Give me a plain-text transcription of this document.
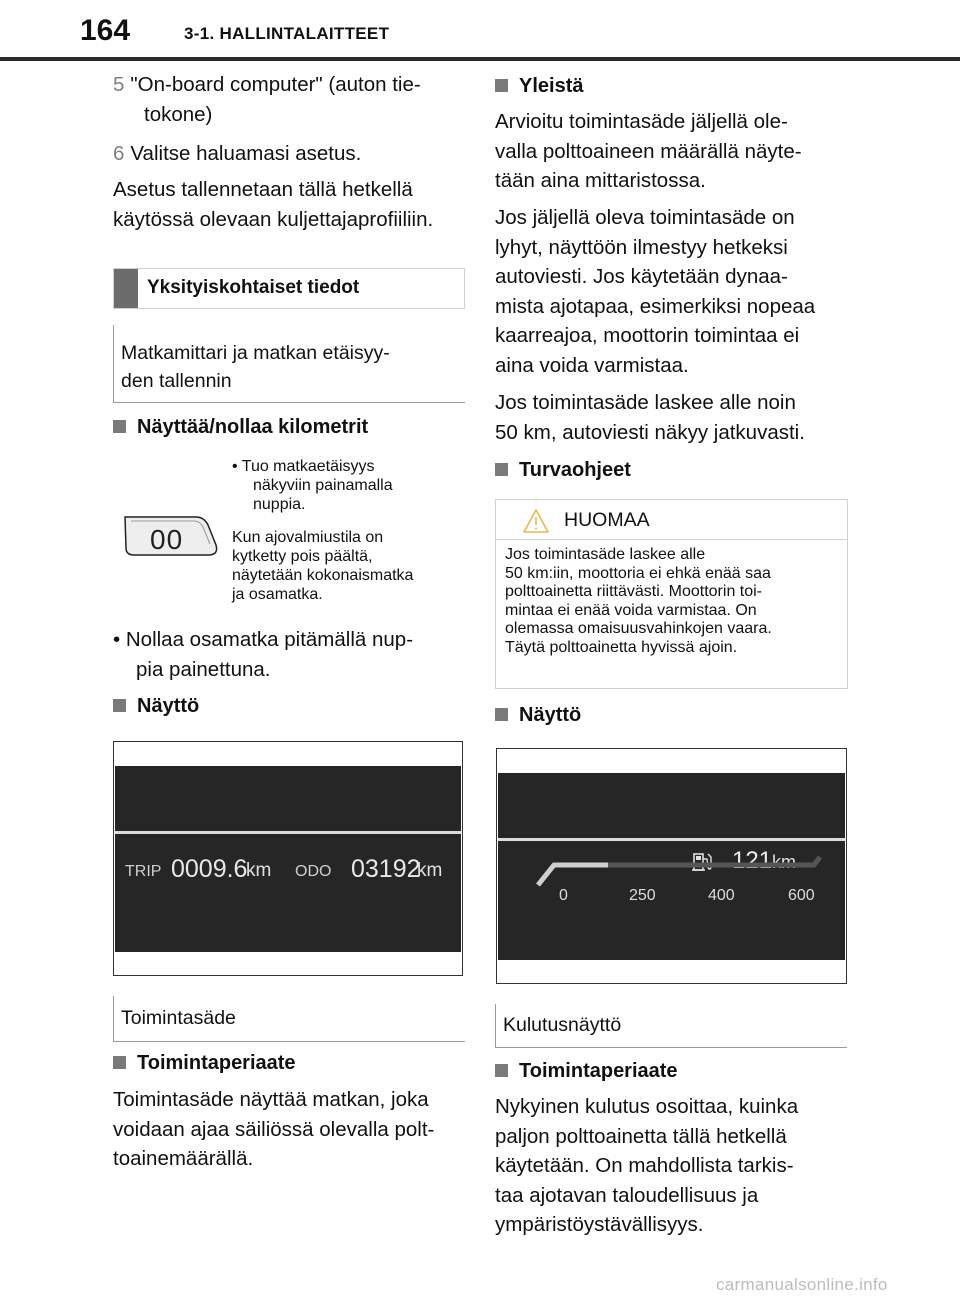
164	3-1. HALLINTALAITTEET
5 "On-board computer" (auton tie-
tokone)
6 Valitse haluamasi asetus.
Asetus tallennetaan tällä hetkellä
käytössä olevaan kuljettajaprofiiliin.
Yksityiskohtaiset tiedot
Matkamittari ja matkan etäisyy-
den tallennin
Näyttää/nollaa kilometrit
00
• Tuo matkaetäisyys
näkyviin painamalla
nuppia.
Kun ajovalmiustila on
kytketty pois päältä,
näytetään kokonaismatka
ja osamatka.
• Nollaa osamatka pitämällä nup-
pia painettuna.
Näyttö
TRIP 0009.6
km ODO 03192
km
Toimintasäde
Toimintaperiaate
Toimintasäde näyttää matkan, joka
voidaan ajaa säiliössä olevalla polt-
toainemäärällä.
Yleistä
Arvioitu toimintasäde jäljellä ole-
valla polttoaineen määrällä näyte-
tään aina mittaristossa.
Jos jäljellä oleva toimintasäde on
lyhyt, näyttöön ilmestyy hetkeksi
autoviesti. Jos käytetään dynaa-
mista ajotapaa, esimerkiksi nopeaa
kaarreajoa, moottorin toimintaa ei
aina voida varmistaa.
Jos toimintasäde laskee alle noin
50 km, autoviesti näkyy jatkuvasti.
Turvaohjeet
HUOMAA
Jos toimintasäde laskee alle
50 km:iin, moottoria ei ehkä enää saa
polttoainetta riittävästi. Moottorin toi-
mintaa ei enää voida varmistaa. On
olemassa omaisuusvahinkojen vaara.
Täytä polttoainetta hyvissä ajoin.
Näyttö
121 km
0	250	400	600
Kulutusnäyttö
Toimintaperiaate
Nykyinen kulutus osoittaa, kuinka
paljon polttoainetta tällä hetkellä
käytetään. On mahdollista tarkis-
taa ajotavan taloudellisuus ja
ympäristöystävällisyys.
carmanualsonline.info
